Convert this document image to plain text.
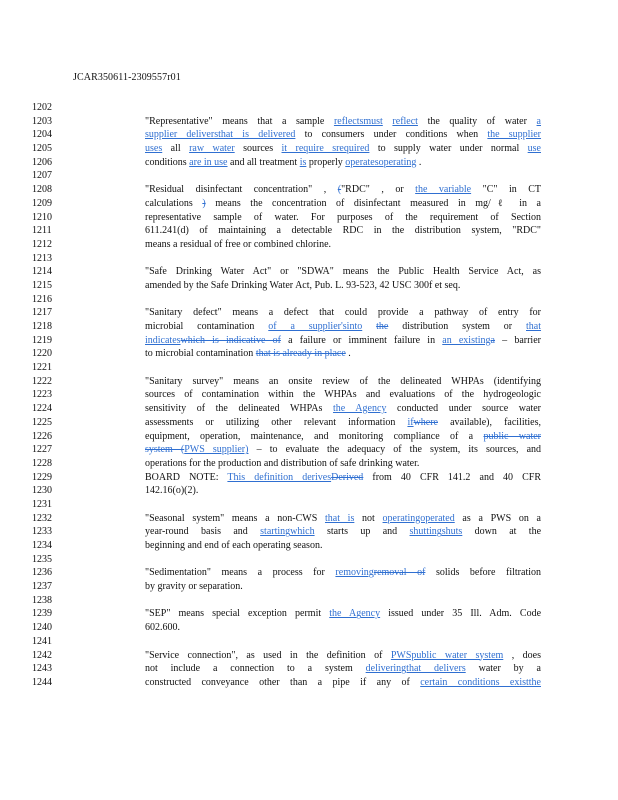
JCAR350611-2309557r01
1202
1203
1204
1205
1206
1207
1208
1209
1210
1211
1212
1213
1214
1215
1216
1217
1218
1219
1220
1221
1222
1223
1224
1225
1226
1227
1228
1229
1230
1231
1232
1233
1234
1235
1236
1237
1238
1239
1240
1241
1242
1243
1244
"Representative" means that a sample reflectsmust reflect the quality of water a
supplier deliversthat is delivered to consumers under conditions when the supplier
uses all raw water sources it require srequired to supply water under normal use
conditions are in use and all treatment is properly operatesoperating .
"Residual disinfectant concentration" , ("RDC" , or the variable "C" in CT
calculations ) means the concentration of disinfectant measured in mg/ℓ in a
representative sample of water. For purposes of the requirement of Section
611.241(d) of maintaining a detectable RDC in the distribution system, "RDC"
means a residual of free or combined chlorine.
"Safe Drinking Water Act" or "SDWA" means the Public Health Service Act, as
amended by the Safe Drinking Water Act, Pub. L. 93-523, 42 USC 300f et seq.
"Sanitary defect" means a defect that could provide a pathway of entry for
microbial contamination of a supplier'sinto the distribution system or that
indicateswhich is indicative of a failure or imminent failure in an existinga – barrier
to microbial contamination that is already in place .
"Sanitary survey" means an onsite review of the delineated WHPAs (identifying
sources of contamination within the WHPAs and evaluations of the hydrogeologic
sensitivity of the delineated WHPAs the Agency conducted under source water
assessments or utilizing other relevant information ifwhere available), facilities,
equipment, operation, maintenance, and monitoring compliance of a public water
system (PWS supplier) – to evaluate the adequacy of the system, its sources, and
operations for the production and distribution of safe drinking water.
BOARD NOTE: This definition derivesDerived from 40 CFR 141.2 and 40 CFR
142.16(o)(2).
"Seasonal system" means a non-CWS that is not operatingoperated as a PWS on a
year-round basis and startingwhich starts up and shuttingshuts down at the
beginning and end of each operating season.
"Sedimentation" means a process for removingremoval of solids before filtration
by gravity or separation.
"SEP" means special exception permit the Agency issued under 35 Ill. Adm. Code
602.600.
"Service connection", as used in the definition of PWSpublic water system , does
not include a connection to a system deliveringthat delivers water by a
constructed conveyance other than a pipe if any of certain conditions existthe
